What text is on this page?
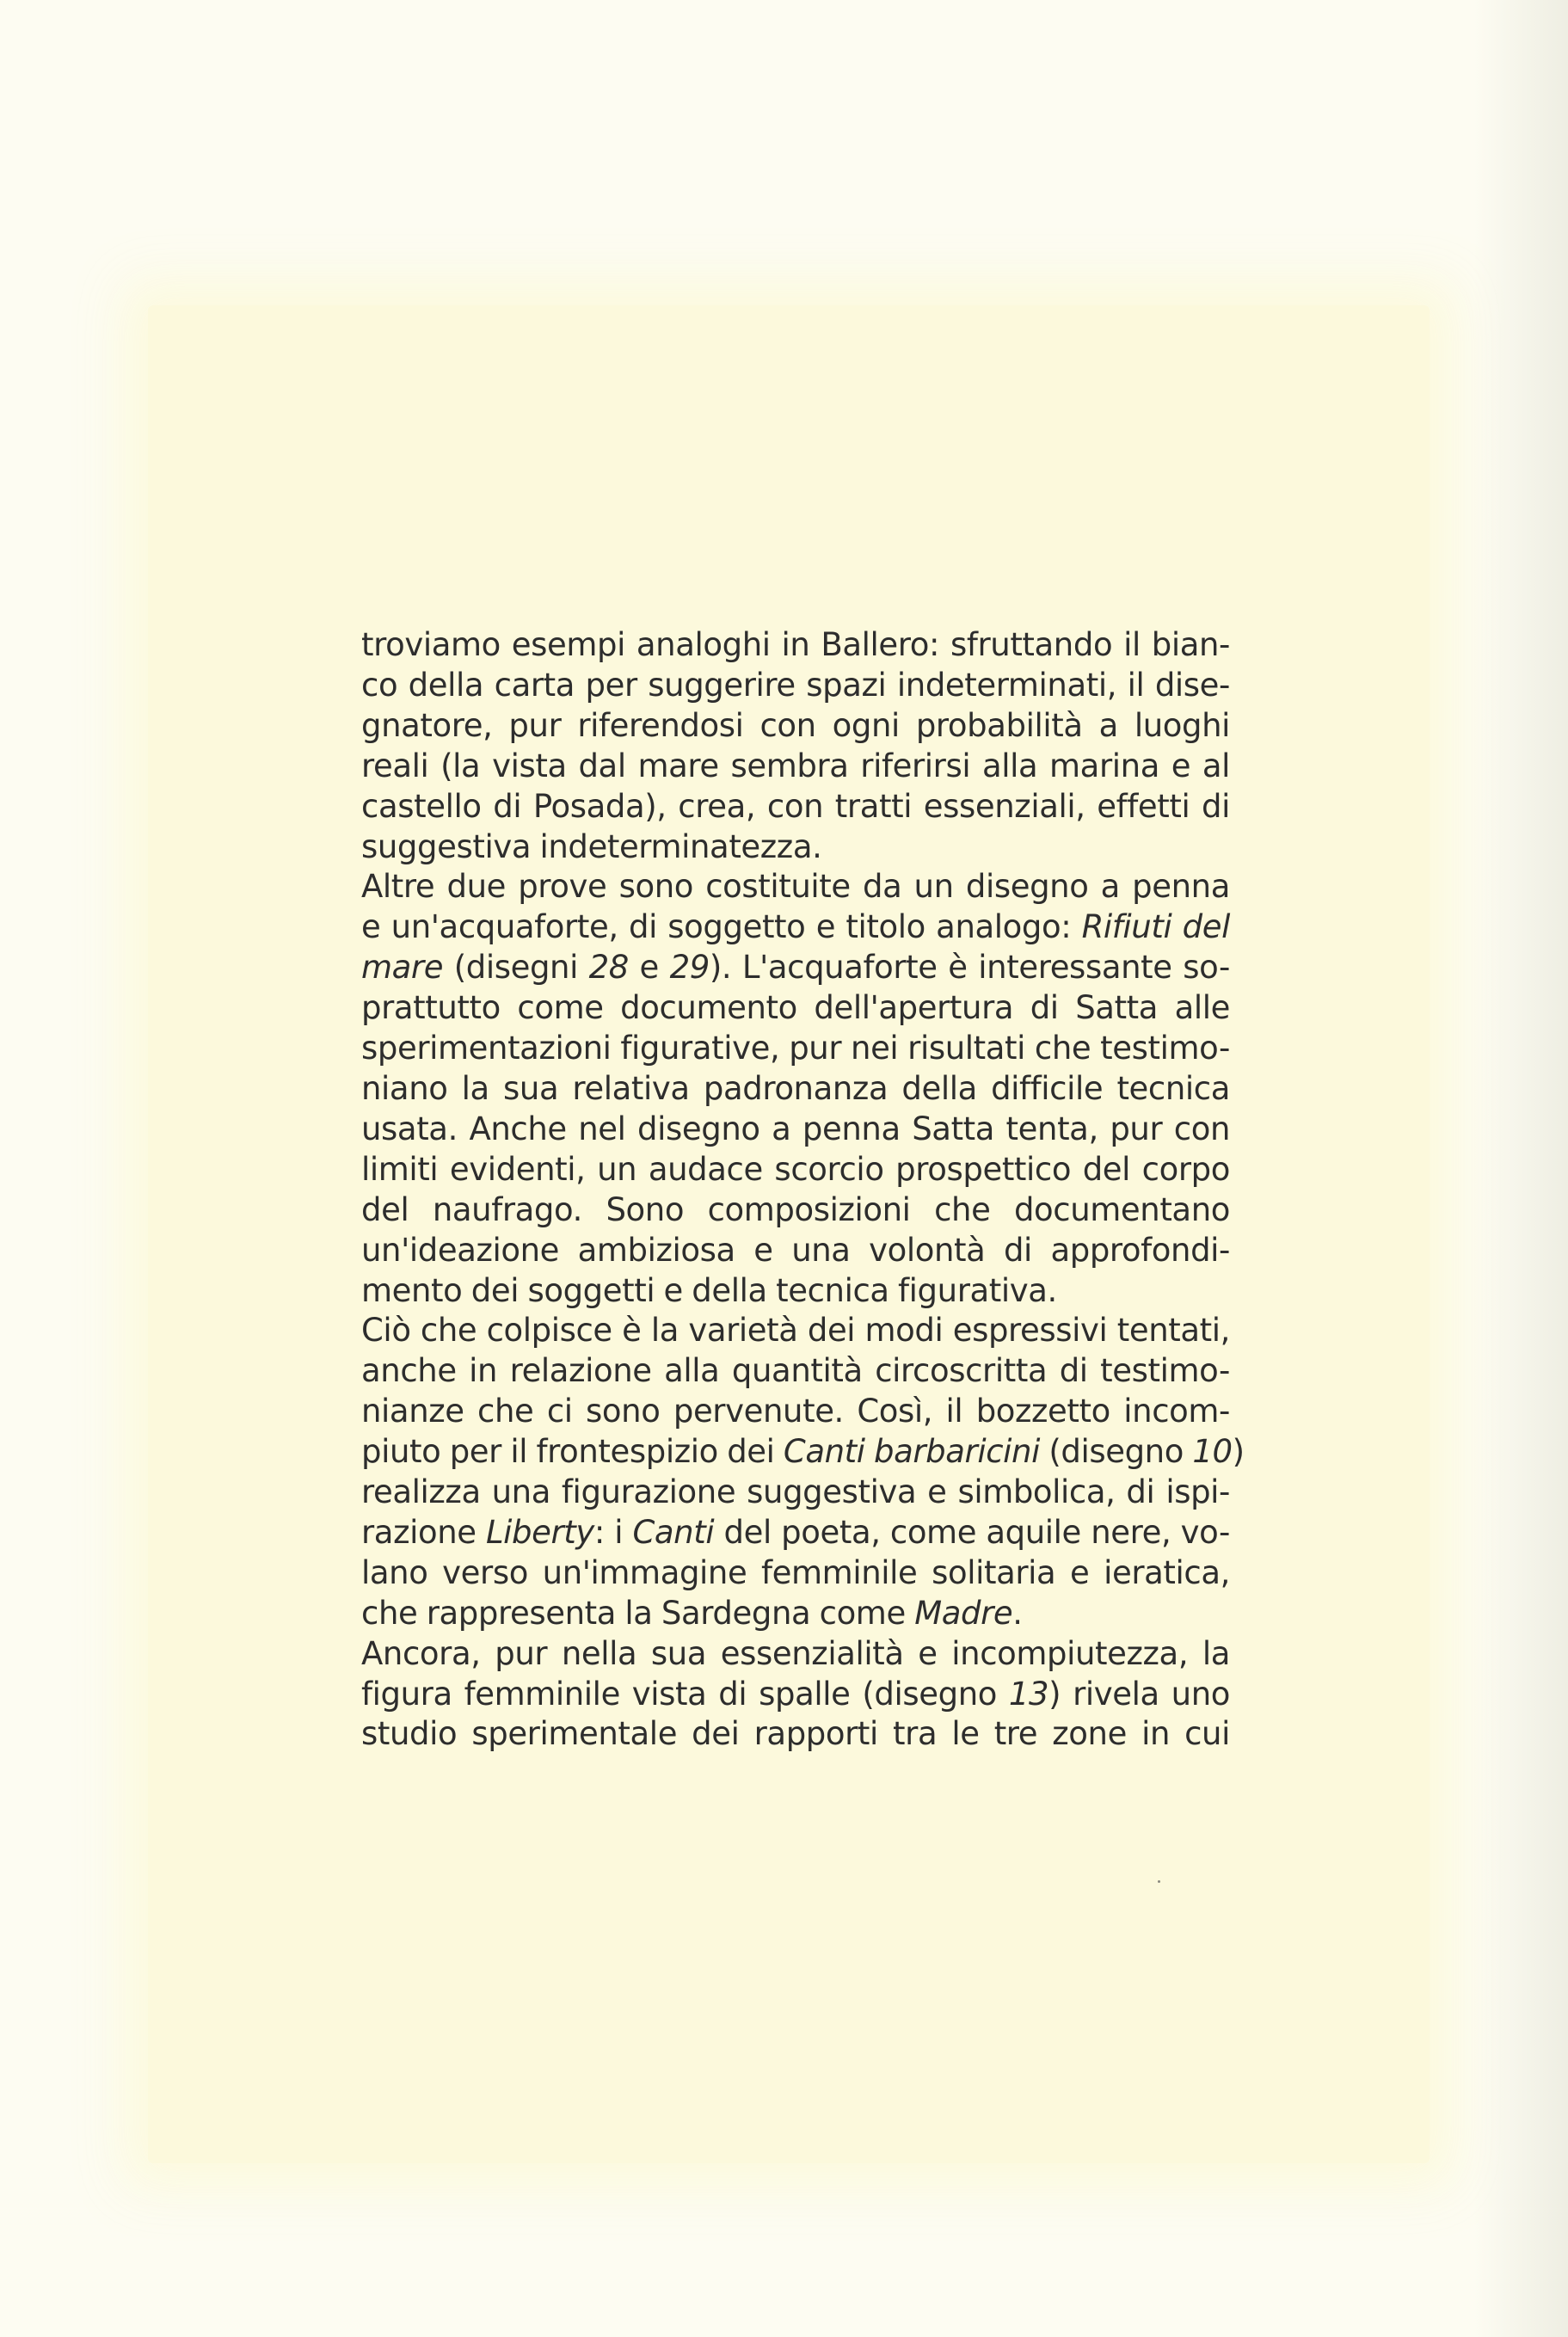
troviamo esempi analoghi in Ballero: sfruttando il bian-
co della carta per suggerire spazi indeterminati, il dise-
gnatore, pur riferendosi con ogni probabilità a luoghi
reali (la vista dal mare sembra riferirsi alla marina e al
castello di Posada), crea, con tratti essenziali, effetti di
suggestiva indeterminatezza.
Altre due prove sono costituite da un disegno a penna
e un'acquaforte, di soggetto e titolo analogo: Rifiuti del
mare (disegni 28 e 29). L'acquaforte è interessante so-
prattutto come documento dell'apertura di Satta alle
sperimentazioni figurative, pur nei risultati che testimo-
niano la sua relativa padronanza della difficile tecnica
usata. Anche nel disegno a penna Satta tenta, pur con
limiti evidenti, un audace scorcio prospettico del corpo
del naufrago. Sono composizioni che documentano
un'ideazione ambiziosa e una volontà di approfondi-
mento dei soggetti e della tecnica figurativa.
Ciò che colpisce è la varietà dei modi espressivi tentati,
anche in relazione alla quantità circoscritta di testimo-
nianze che ci sono pervenute. Così, il bozzetto incom-
piuto per il frontespizio dei Canti barbaricini (disegno 10)
realizza una figurazione suggestiva e simbolica, di ispi-
razione Liberty: i Canti del poeta, come aquile nere, vo-
lano verso un'immagine femminile solitaria e ieratica,
che rappresenta la Sardegna come Madre.
Ancora, pur nella sua essenzialità e incompiutezza, la
figura femminile vista di spalle (disegno 13) rivela uno
studio sperimentale dei rapporti tra le tre zone in cui
